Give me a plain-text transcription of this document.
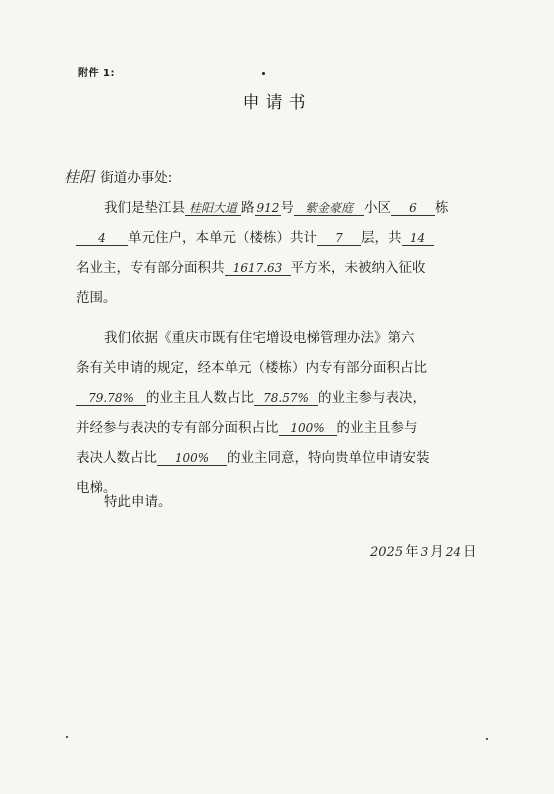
附件 1:
申请书
桂阳 街道办事处:
我们是垫江县 桂阳大道 路 912号 紫金豪庭 小区 6 栋
4 单元住户，本单元（楼栋）共计 7 层，共 14
名业主，专有部分面积共 1617.63 平方米，未被纳入征收
范围。
我们依据《重庆市既有住宅增设电梯管理办法》第六
条有关申请的规定，经本单元（楼栋）内专有部分面积占比
79.78% 的业主且人数占比 78.57% 的业主参与表决，
并经参与表决的专有部分面积占比 100% 的业主且参与
表决人数占比 100% 的业主同意，特向贵单位申请安装
电梯。
特此申请。
2025 年 3 月 24 日
